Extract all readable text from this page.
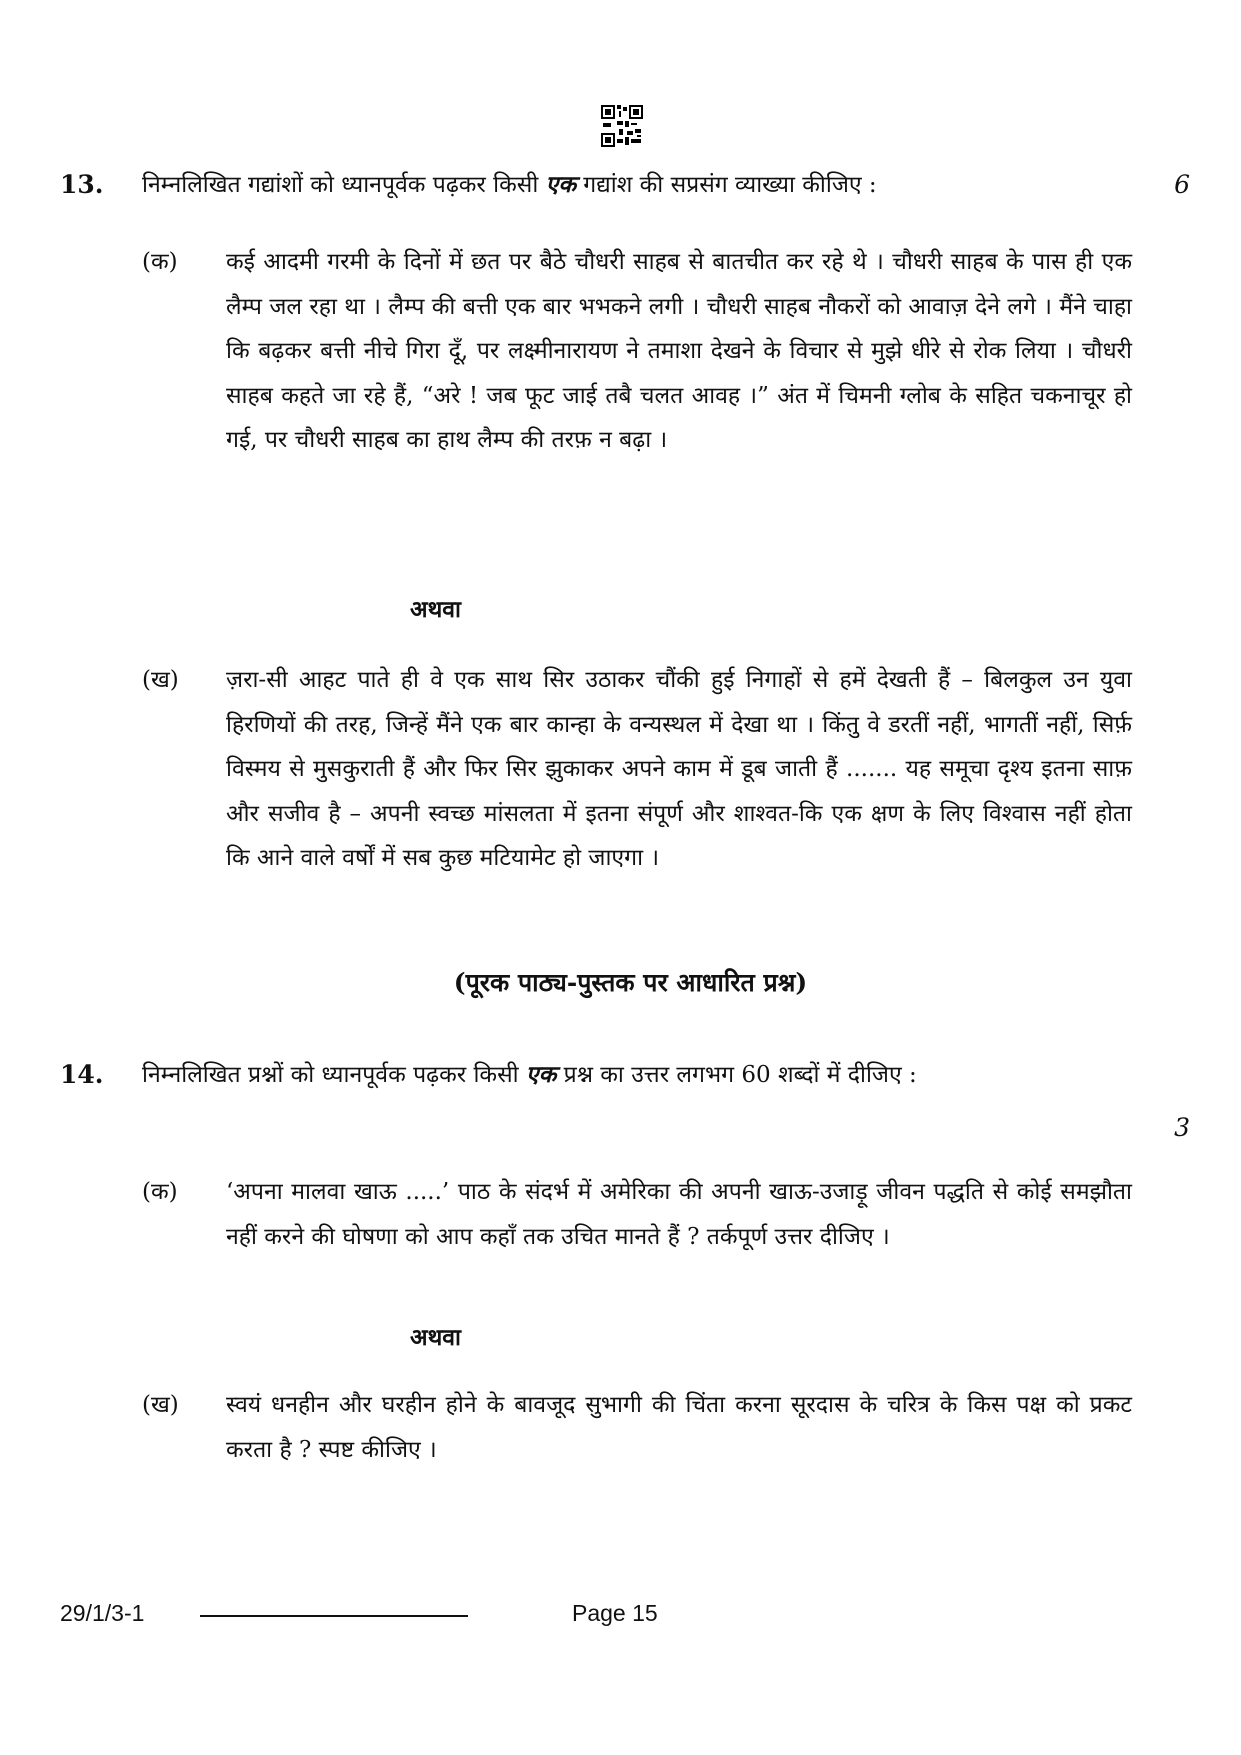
13. निम्नलिखित गद्यांशों को ध्यानपूर्वक पढ़कर किसी एक गद्यांश की सप्रसंग व्याख्या कीजिए :	6
(क) कई आदमी गरमी के दिनों में छत पर बैठे चौधरी साहब से बातचीत कर रहे थे । चौधरी साहब के पास ही एक लैम्प जल रहा था । लैम्प की बत्ती एक बार भभकने लगी । चौधरी साहब नौकरों को आवाज़ देने लगे । मैंने चाहा कि बढ़कर बत्ती नीचे गिरा दूँ, पर लक्ष्मीनारायण ने तमाशा देखने के विचार से मुझे धीरे से रोक लिया । चौधरी साहब कहते जा रहे हैं, “अरे ! जब फूट जाई तबै चलत आवह ।” अंत में चिमनी ग्लोब के सहित चकनाचूर हो गई, पर चौधरी साहब का हाथ लैम्प की तरफ़ न बढ़ा ।
अथवा
(ख) ज़रा-सी आहट पाते ही वे एक साथ सिर उठाकर चौंकी हुई निगाहों से हमें देखती हैं – बिलकुल उन युवा हिरणियों की तरह, जिन्हें मैंने एक बार कान्हा के वन्यस्थल में देखा था । किंतु वे डरतीं नहीं, भागतीं नहीं, सिर्फ़ विस्मय से मुसकुराती हैं और फिर सिर झुकाकर अपने काम में डूब जाती हैं ....... यह समूचा दृश्य इतना साफ़ और सजीव है – अपनी स्वच्छ मांसलता में इतना संपूर्ण और शाश्वत-कि एक क्षण के लिए विश्वास नहीं होता कि आने वाले वर्षों में सब कुछ मटियामेट हो जाएगा ।
(पूरक पाठ्य-पुस्तक पर आधारित प्रश्न)
14. निम्नलिखित प्रश्नों को ध्यानपूर्वक पढ़कर किसी एक प्रश्न का उत्तर लगभग 60 शब्दों में दीजिए :
3
(क) ‘अपना मालवा खाऊ .....’ पाठ के संदर्भ में अमेरिका की अपनी खाऊ-उजाड़ू जीवन पद्धति से कोई समझौता नहीं करने की घोषणा को आप कहाँ तक उचित मानते हैं ? तर्कपूर्ण उत्तर दीजिए ।
अथवा
(ख) स्वयं धनहीन और घरहीन होने के बावजूद सुभागी की चिंता करना सूरदास के चरित्र के किस पक्ष को प्रकट करता है ? स्पष्ट कीजिए ।
29/1/3-1	Page 15
